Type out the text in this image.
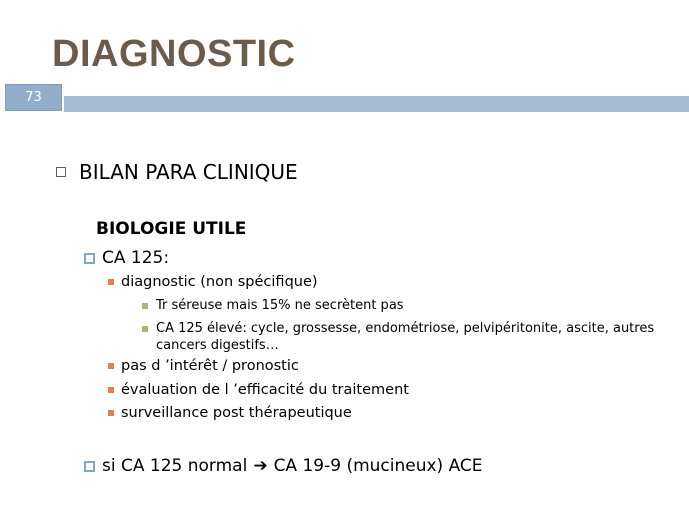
DIAGNOSTIC
73
BILAN PARA CLINIQUE
BIOLOGIE UTILE
CA 125:
diagnostic (non spécifique)
Tr séreuse mais 15% ne secrètent pas
CA 125 élevé: cycle, grossesse, endométriose, pelvipéritonite, ascite, autres cancers digestifs…
pas d ’intérêt / pronostic
évaluation de l ’efficacité du traitement
surveillance post thérapeutique
si CA 125 normal ➔ CA 19-9 (mucineux) ACE
